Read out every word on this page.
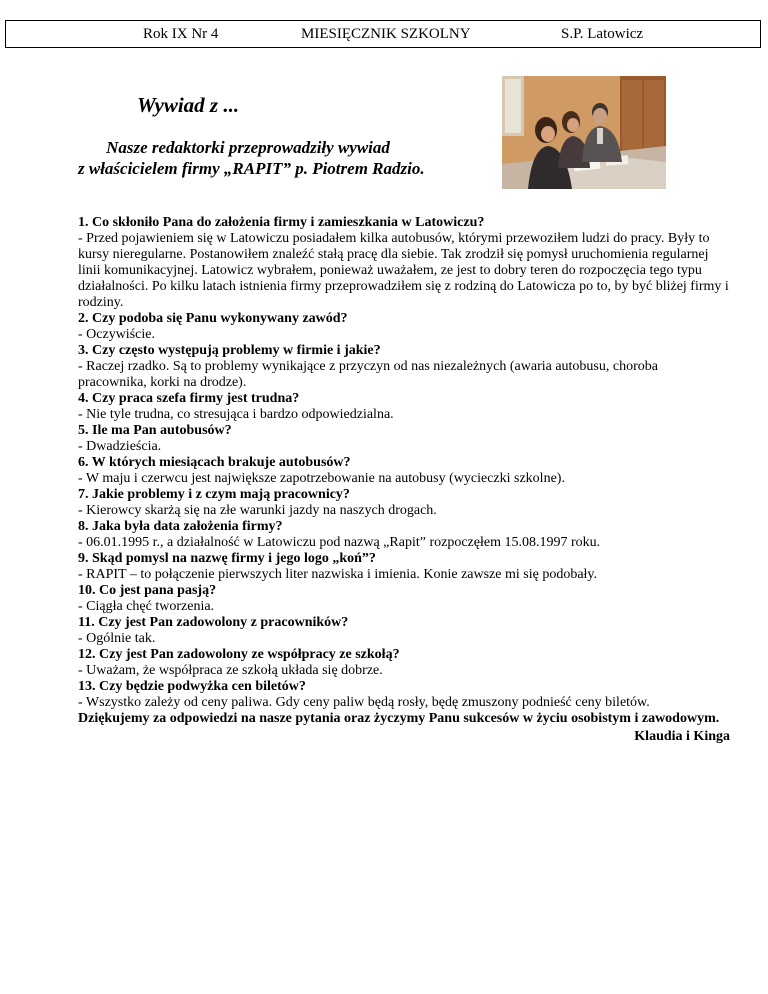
Rok IX Nr 4	MIESIĘCZNIK SZKOLNY	S.P. Latowicz
Wywiad z ...
Nasze redaktorki przeprowadziły wywiad
z właścicielem firmy „RAPIT” p. Piotrem Radzio.
1. Co skłoniło Pana do założenia firmy i zamieszkania w Latowiczu?
- Przed pojawieniem się w Latowiczu posiadałem kilka autobusów, którymi przewoziłem ludzi do pracy. Były to kursy nieregularne. Postanowiłem znaleźć stałą pracę dla siebie. Tak zrodził się pomysł uruchomienia regularnej linii komunikacyjnej. Latowicz wybrałem, ponieważ uważałem, ze jest to dobry teren do rozpoczęcia tego typu działalności. Po kilku latach istnienia firmy przeprowadziłem się z rodziną do Latowicza po to, by być bliżej firmy i rodziny.
2. Czy podoba się Panu wykonywany zawód?
- Oczywiście.
3. Czy często występują problemy w firmie i jakie?
- Raczej rzadko. Są to problemy wynikające z przyczyn od nas niezależnych (awaria autobusu, choroba pracownika, korki na drodze).
4. Czy praca szefa firmy jest trudna?
- Nie tyle trudna, co stresująca i bardzo odpowiedzialna.
5. Ile ma Pan autobusów?
- Dwadzieścia.
6. W których miesiącach brakuje autobusów?
- W maju i czerwcu jest największe zapotrzebowanie na autobusy (wycieczki szkolne).
7. Jakie problemy i z czym mają pracownicy?
- Kierowcy skarżą się na złe warunki jazdy na naszych drogach.
8. Jaka była data założenia firmy?
- 06.01.1995 r., a działalność w Latowiczu pod nazwą „Rapit” rozpoczęłem 15.08.1997 roku.
9. Skąd pomysl na nazwę firmy i jego logo „koń”?
- RAPIT – to połączenie pierwszych liter nazwiska i imienia. Konie zawsze mi się podobały.
10. Co jest pana pasją?
- Ciągła chęć tworzenia.
11. Czy jest Pan zadowolony z pracowników?
- Ogólnie tak.
12. Czy jest Pan zadowolony ze współpracy ze szkołą?
- Uważam, że współpraca ze szkołą układa się dobrze.
13. Czy będzie podwyżka cen biletów?
- Wszystko zależy od ceny paliwa. Gdy ceny paliw będą rosły, będę zmuszony podnieść ceny biletów.
Dziękujemy za odpowiedzi na nasze pytania oraz życzymy Panu sukcesów w życiu osobistym i zawodowym.
Klaudia i Kinga
